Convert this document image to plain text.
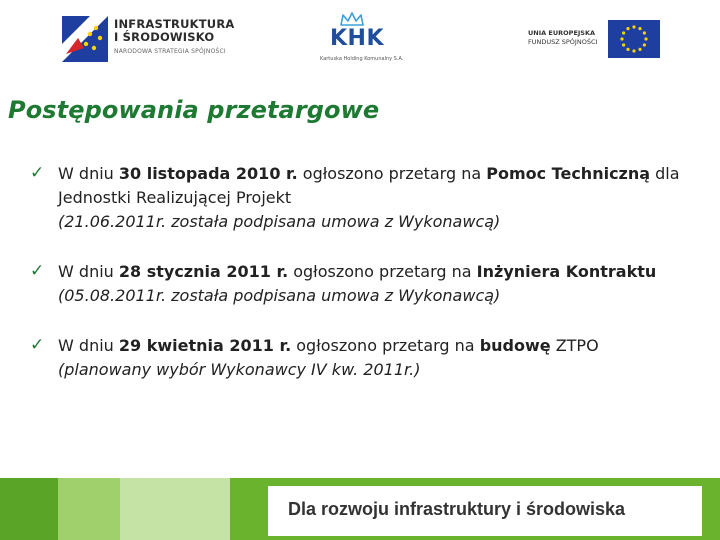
INFRASTRUKTURA
I ŚRODOWISKO
NARODOWA STRATEGIA SPÓJNOŚCI
KHK
Kartuska Holding Komunalny S.A.
UNIA EUROPEJSKA
FUNDUSZ SPÓJNOŚCI
Postępowania przetargowe
✓ W dniu 30 listopada 2010 r. ogłoszono przetarg na Pomoc Techniczną dla Jednostki Realizującej Projekt
(21.06.2011r. została podpisana umowa z Wykonawcą)
✓ W dniu 28 stycznia 2011 r. ogłoszono przetarg na Inżyniera Kontraktu
(05.08.2011r. została podpisana umowa z Wykonawcą)
✓ W dniu 29 kwietnia 2011 r. ogłoszono przetarg na budowę ZTPO
(planowany wybór Wykonawcy IV kw. 2011r.)
Dla rozwoju infrastruktury i środowiska
